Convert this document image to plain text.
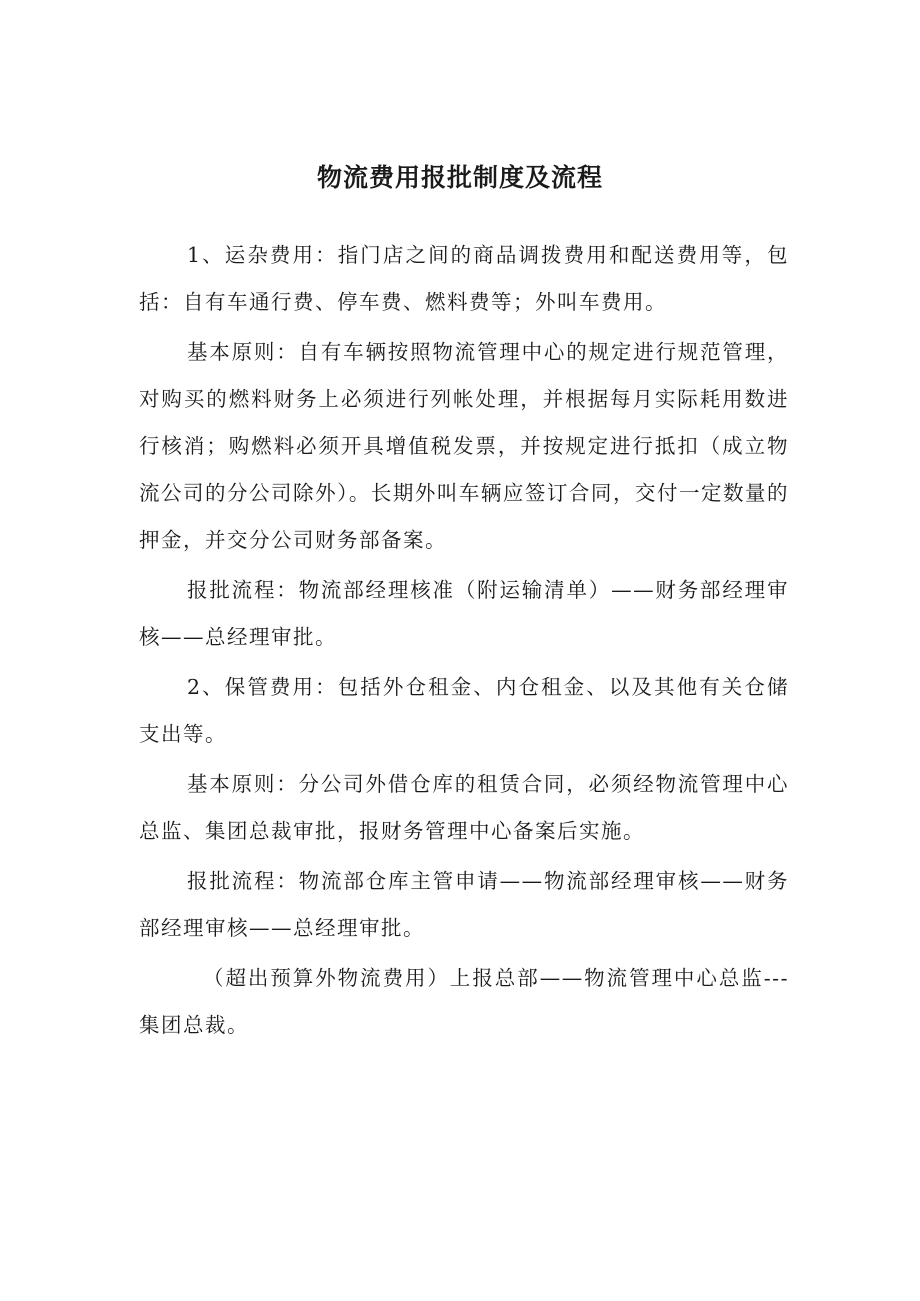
物流费用报批制度及流程

1、运杂费用：指门店之间的商品调拨费用和配送费用等，包括：自有车通行费、停车费、燃料费等；外叫车费用。

基本原则：自有车辆按照物流管理中心的规定进行规范管理，对购买的燃料财务上必须进行列帐处理，并根据每月实际耗用数进行核消；购燃料必须开具增值税发票，并按规定进行抵扣（成立物流公司的分公司除外）。长期外叫车辆应签订合同，交付一定数量的押金，并交分公司财务部备案。

报批流程：物流部经理核准（附运输清单）——财务部经理审核——总经理审批。

2、保管费用：包括外仓租金、内仓租金、以及其他有关仓储支出等。

基本原则：分公司外借仓库的租赁合同，必须经物流管理中心总监、集团总裁审批，报财务管理中心备案后实施。

报批流程：物流部仓库主管申请——物流部经理审核——财务部经理审核——总经理审批。

（超出预算外物流费用）上报总部——物流管理中心总监---集团总裁。
